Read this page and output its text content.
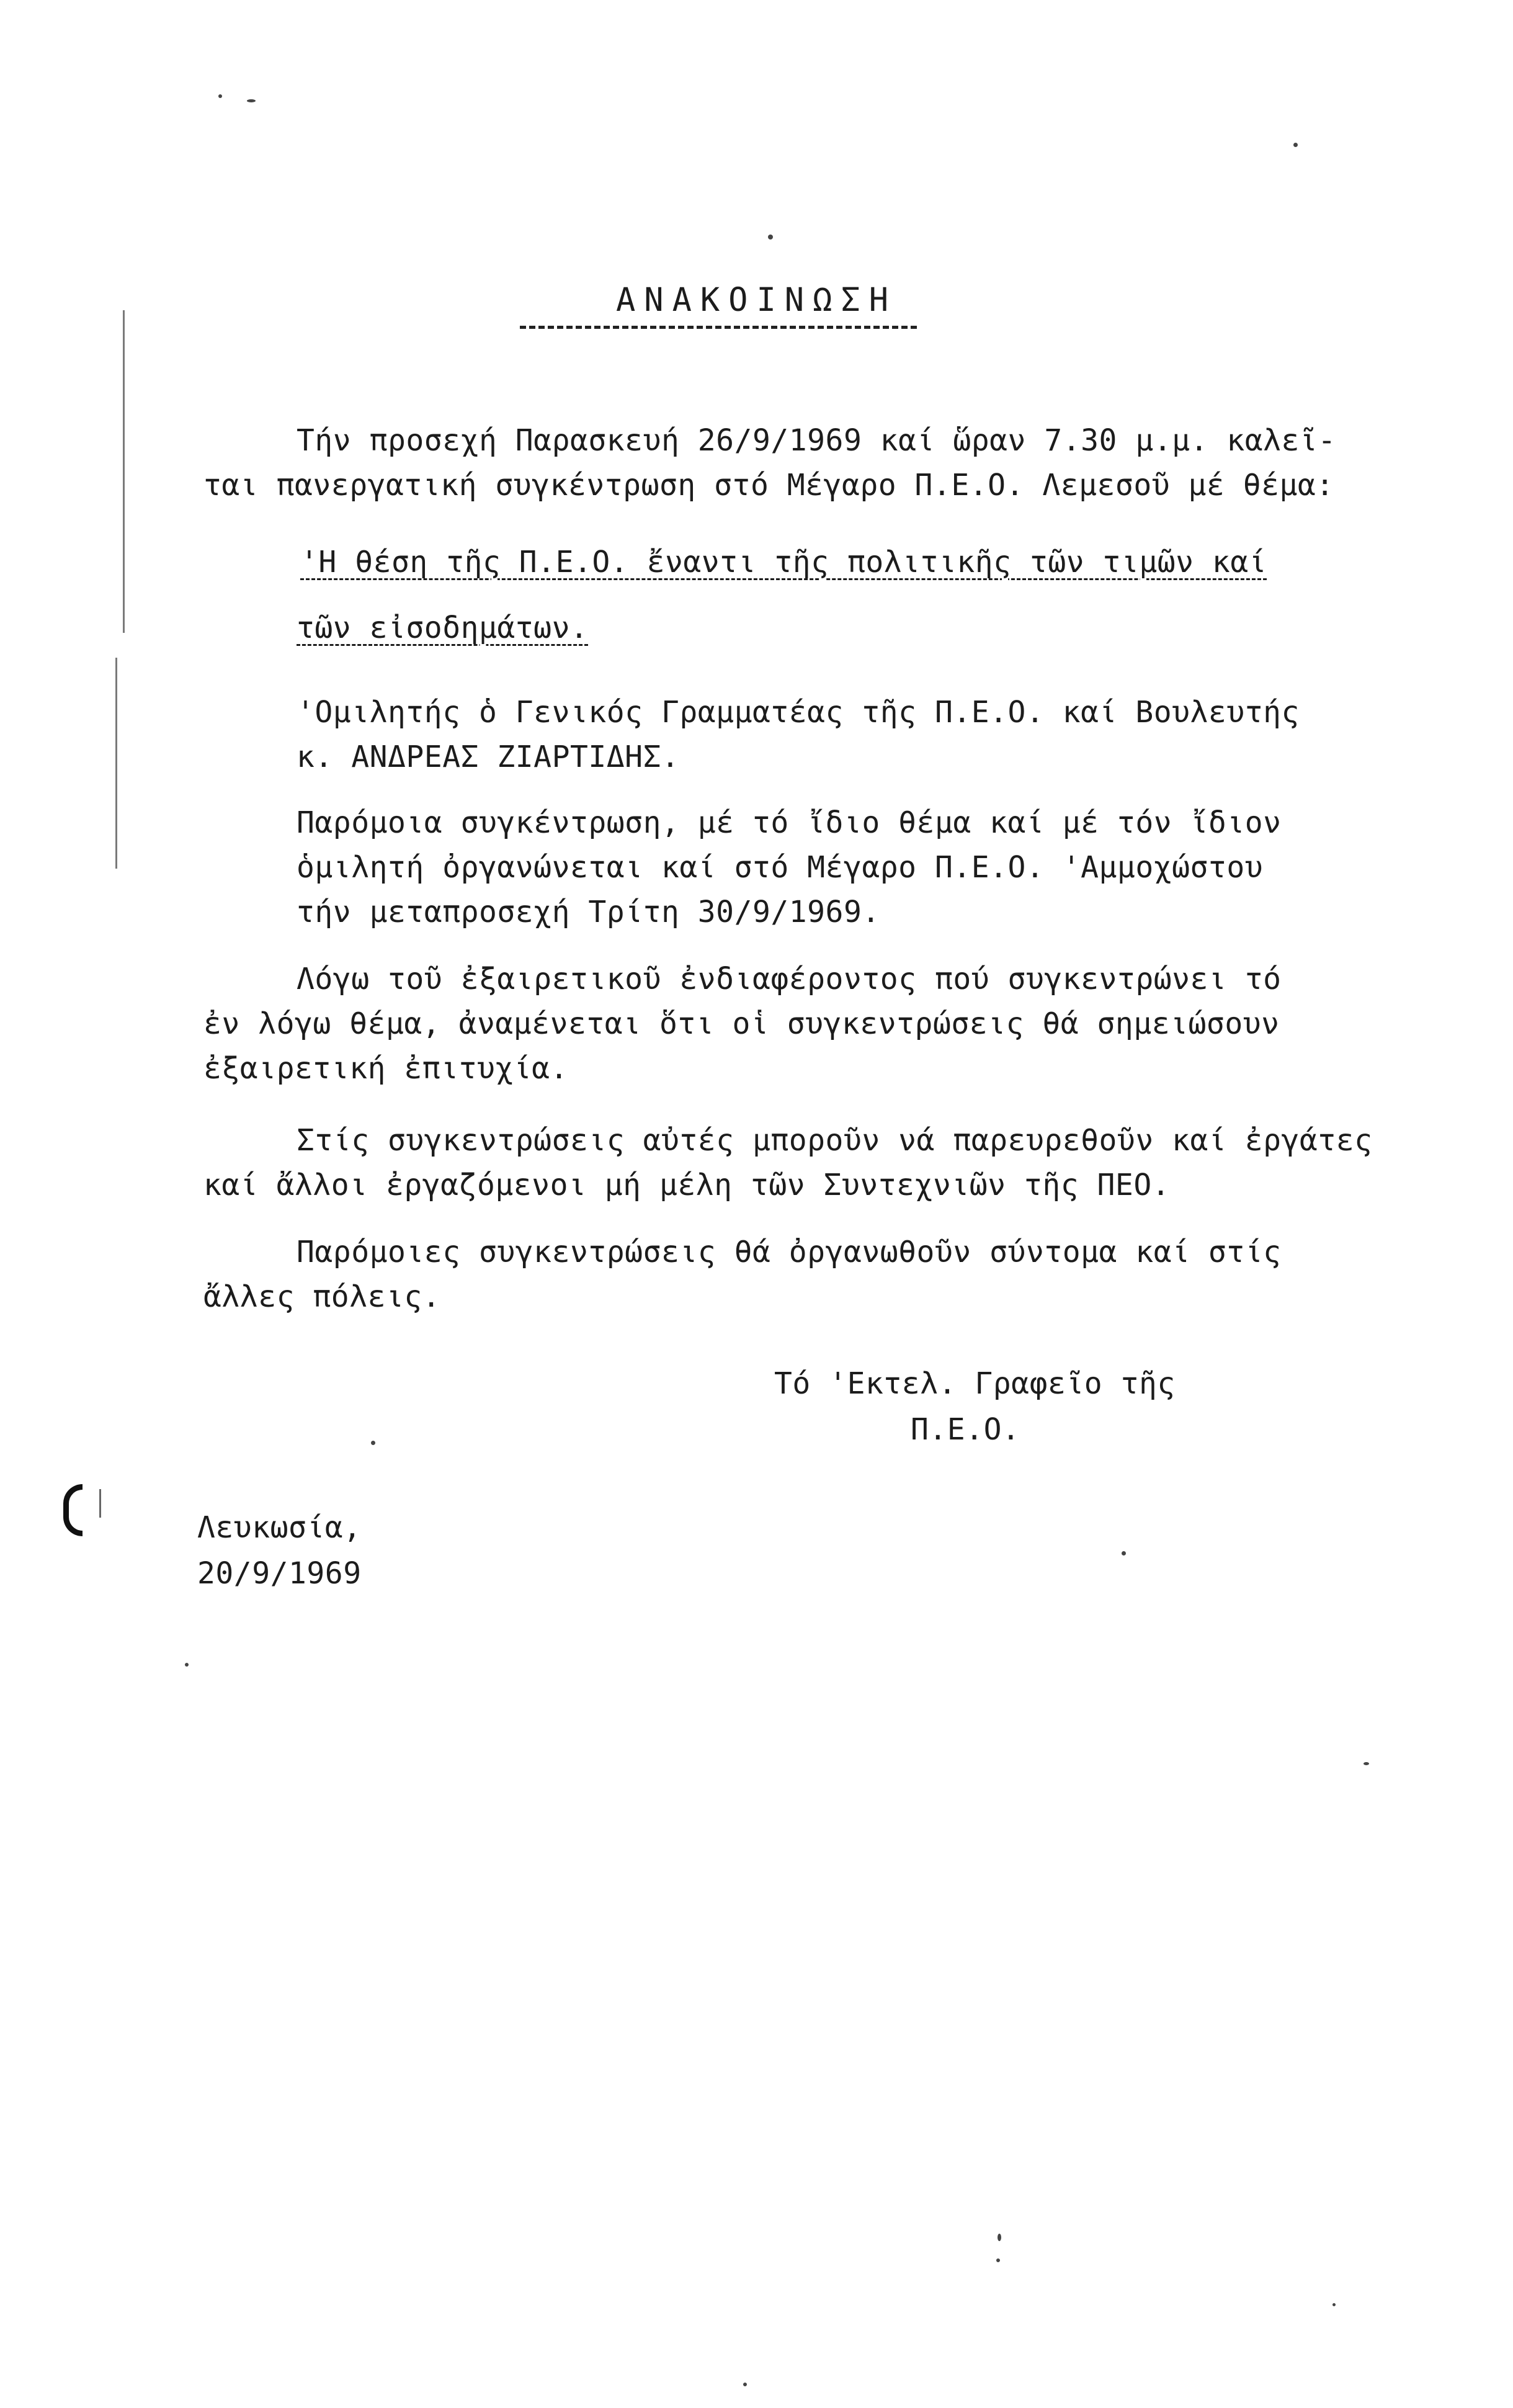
ΑΝΑΚΟΙΝΩΣΗ
Τήν προσεχή Παρασκευή 26/9/1969 καί ὥραν 7.30 μ.μ. καλεῖ-
ται πανεργατική συγκέντρωση στό Μέγαρο Π.Ε.Ο. Λεμεσοῦ μέ θέμα:
'Η θέση τῆς Π.Ε.Ο. ἔναντι τῆς πολιτικῆς τῶν τιμῶν καί
τῶν εἰσοδημάτων.
'Ομιλητής ὁ Γενικός Γραμματέας τῆς Π.Ε.Ο. καί Βουλευτής
κ. ΑΝΔΡΕΑΣ ΖΙΑΡΤΙΔΗΣ.
Παρόμοια συγκέντρωση, μέ τό ἴδιο θέμα καί μέ τόν ἴδιον
ὁμιλητή ὀργανώνεται καί στό Μέγαρο Π.Ε.Ο. 'Αμμοχώστου
τήν μεταπροσεχή Τρίτη 30/9/1969.
Λόγω τοῦ ἐξαιρετικοῦ ἐνδιαφέροντος πού συγκεντρώνει τό
ἐν λόγω θέμα, ἀναμένεται ὅτι οἱ συγκεντρώσεις θά σημειώσουν
ἐξαιρετική ἐπιτυχία.
Στίς συγκεντρώσεις αὐτές μποροῦν νά παρευρεθοῦν καί ἐργάτες
καί ἄλλοι ἐργαζόμενοι μή μέλη τῶν Συντεχνιῶν τῆς ΠΕΟ.
Παρόμοιες συγκεντρώσεις θά ὀργανωθοῦν σύντομα καί στίς
ἄλλες πόλεις.
Τό 'Εκτελ. Γραφεῖο τῆς
Π.Ε.Ο.
Λευκωσία,
20/9/1969
